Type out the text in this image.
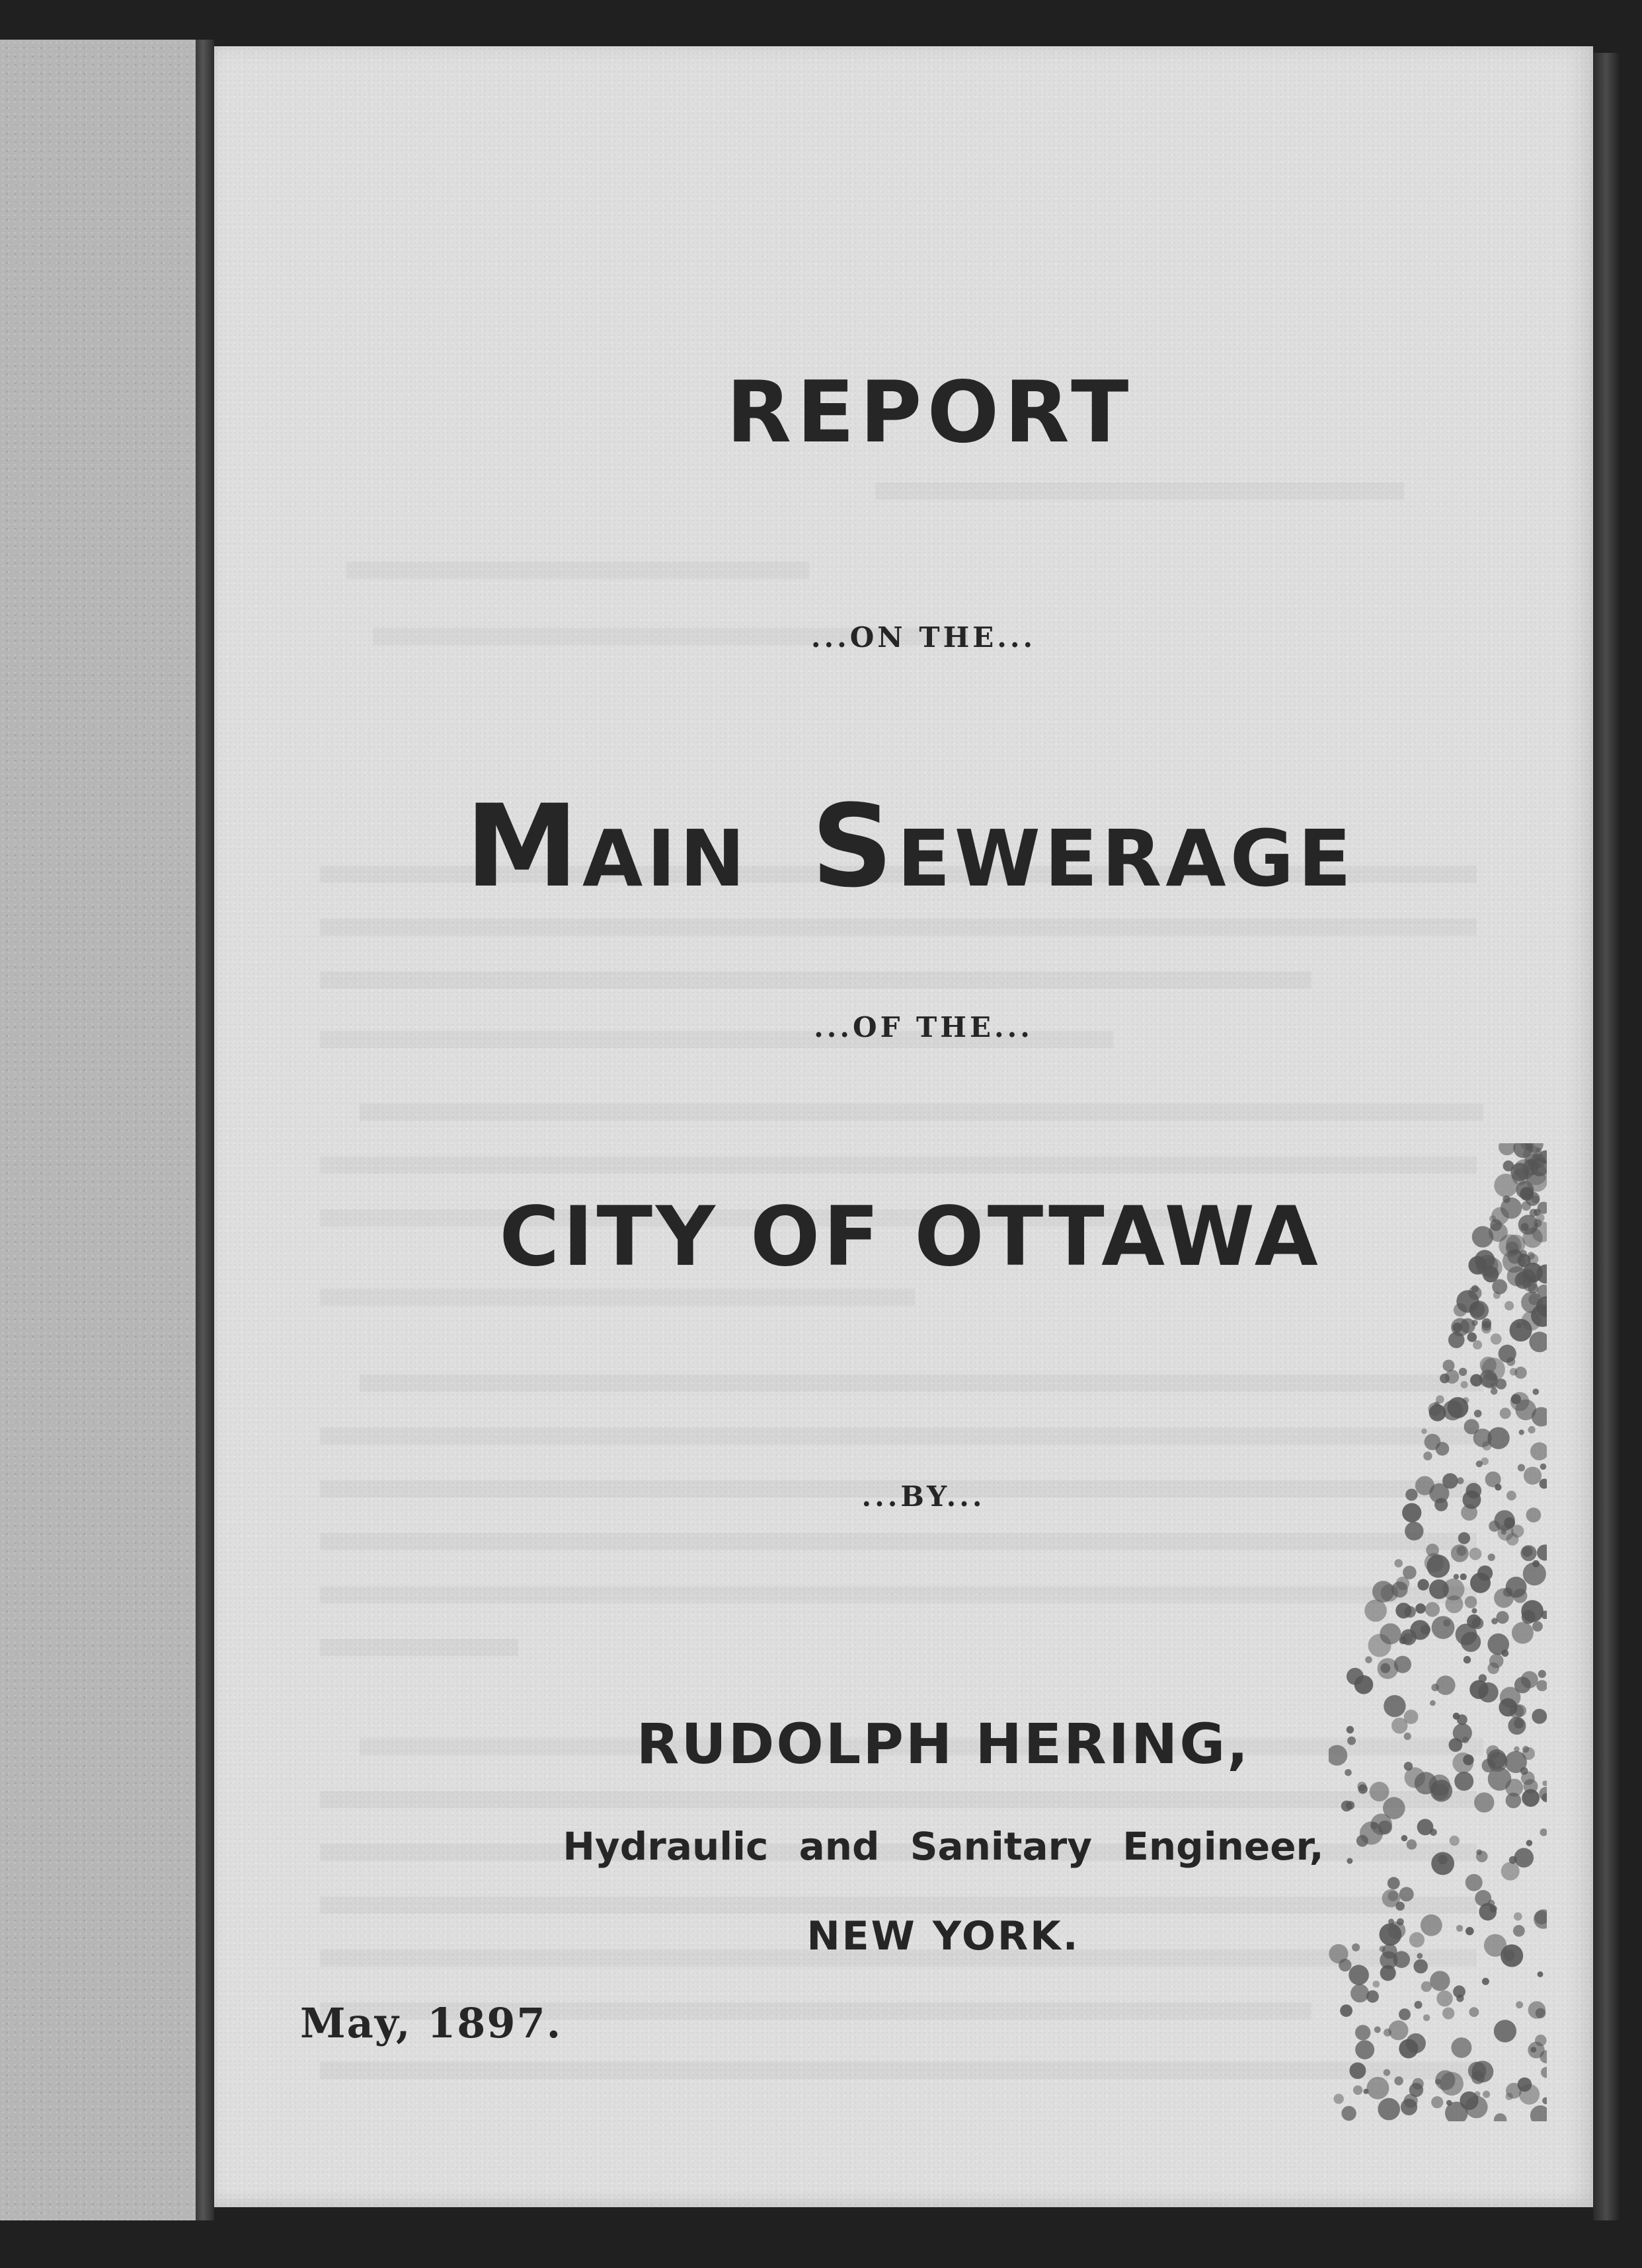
REPORT
...ON THE...
MAIN SEWERAGE
...OF THE...
CITY OF OTTAWA
...BY...
RUDOLPH HERING,
Hydraulic and Sanitary Engineer,
NEW YORK.
May, 1897.
